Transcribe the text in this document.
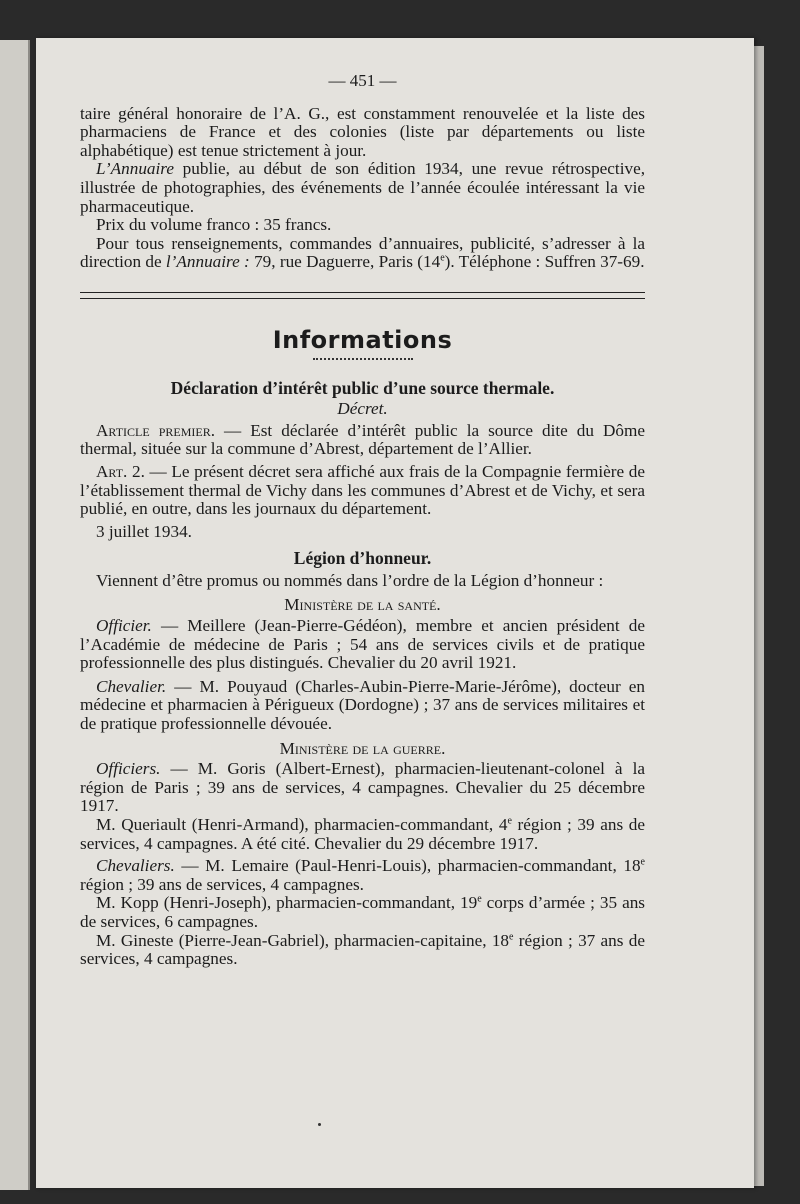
— 451 —

taire général honoraire de l’A. G., est constamment renouvelée et la liste des pharmaciens de France et des colonies (liste par départements ou liste alphabétique) est tenue strictement à jour.

L’Annuaire publie, au début de son édition 1934, une revue rétrospective, illustrée de photographies, des événements de l’année écoulée intéressant la vie pharmaceutique.

Prix du volume franco : 35 francs.

Pour tous renseignements, commandes d’annuaires, publicité, s’adresser à la direction de l’Annuaire : 79, rue Daguerre, Paris (14e). Téléphone : Suffren 37-69.

Informations
Déclaration d’intérêt public d’une source thermale.
Décret.

Article premier. — Est déclarée d’intérêt public la source dite du Dôme thermal, située sur la commune d’Abrest, département de l’Allier.

Art. 2. — Le présent décret sera affiché aux frais de la Compagnie fermière de l’établissement thermal de Vichy dans les communes d’Abrest et de Vichy, et sera publié, en outre, dans les journaux du département.

3 juillet 1934.

Légion d’honneur.

Viennent d’être promus ou nommés dans l’ordre de la Légion d’honneur :

Ministère de la santé.

Officier. — Meillere (Jean-Pierre-Gédéon), membre et ancien président de l’Académie de médecine de Paris ; 54 ans de services civils et de pratique professionnelle des plus distingués. Chevalier du 20 avril 1921.

Chevalier. — M. Pouyaud (Charles-Aubin-Pierre-Marie-Jérôme), docteur en médecine et pharmacien à Périgueux (Dordogne) ; 37 ans de services militaires et de pratique professionnelle dévouée.

Ministère de la guerre.

Officiers. — M. Goris (Albert-Ernest), pharmacien-lieutenant-colonel à la région de Paris ; 39 ans de services, 4 campagnes. Chevalier du 25 décembre 1917.

M. Queriault (Henri-Armand), pharmacien-commandant, 4e région ; 39 ans de services, 4 campagnes. A été cité. Chevalier du 29 décembre 1917.

Chevaliers. — M. Lemaire (Paul-Henri-Louis), pharmacien-commandant, 18e région ; 39 ans de services, 4 campagnes.

M. Kopp (Henri-Joseph), pharmacien-commandant, 19e corps d’armée ; 35 ans de services, 6 campagnes.

M. Gineste (Pierre-Jean-Gabriel), pharmacien-capitaine, 18e région ; 37 ans de services, 4 campagnes.
